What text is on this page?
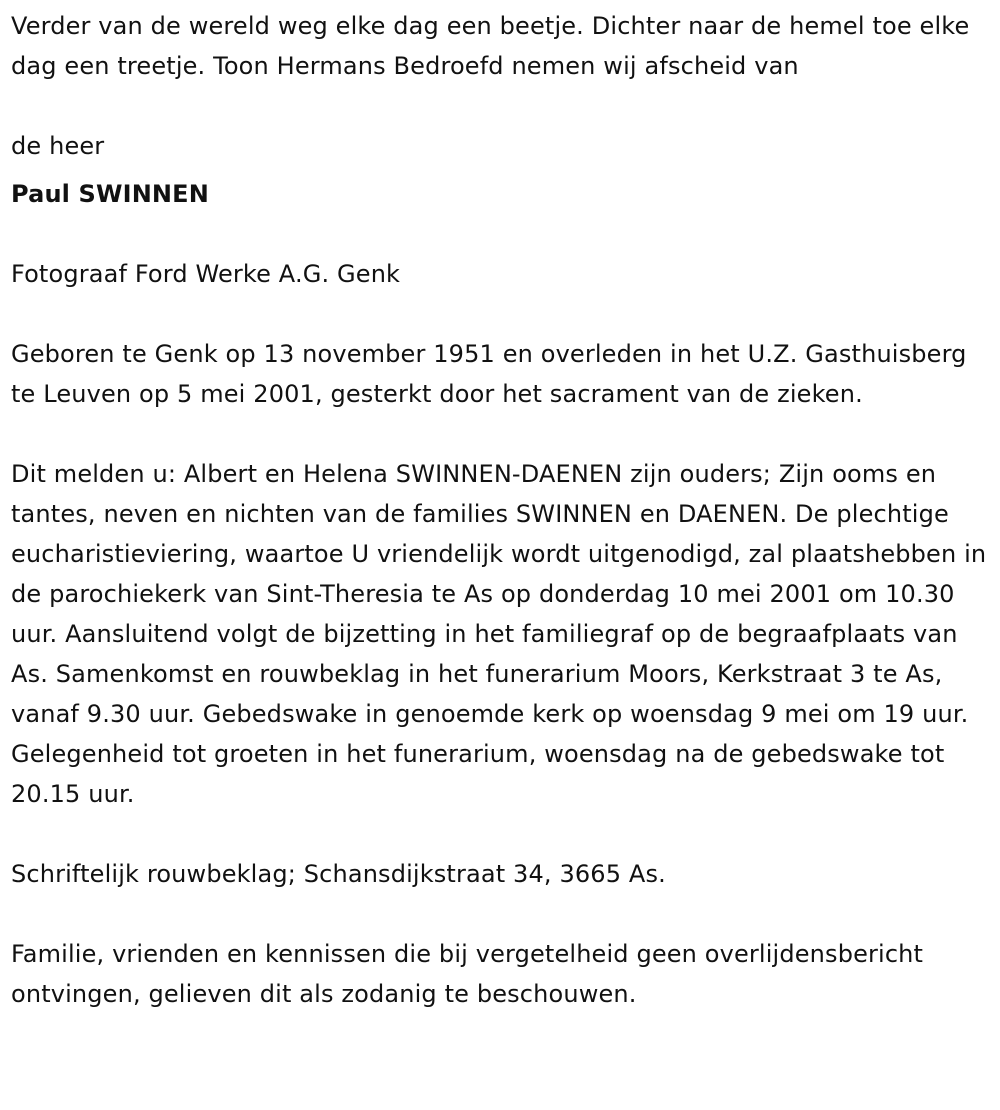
Verder van de wereld weg elke dag een beetje. Dichter naar de hemel toe elke dag een treetje. Toon Hermans Bedroefd nemen wij afscheid van

de heer

Paul SWINNEN

Fotograaf Ford Werke A.G. Genk

Geboren te Genk op 13 november 1951 en overleden in het U.Z. Gasthuisberg te Leuven op 5 mei 2001, gesterkt door het sacrament van de zieken.

Dit melden u: Albert en Helena SWINNEN-DAENEN zijn ouders; Zijn ooms en tantes, neven en nichten van de families SWINNEN en DAENEN. De plechtige eucharistieviering, waartoe U vriendelijk wordt uitgenodigd, zal plaatshebben in de parochiekerk van Sint-Theresia te As op donderdag 10 mei 2001 om 10.30 uur. Aansluitend volgt de bijzetting in het familiegraf op de begraafplaats van As. Samenkomst en rouwbeklag in het funerarium Moors, Kerkstraat 3 te As, vanaf 9.30 uur. Gebedswake in genoemde kerk op woensdag 9 mei om 19 uur. Gelegenheid tot groeten in het funerarium, woensdag na de gebedswake tot 20.15 uur.

Schriftelijk rouwbeklag; Schansdijkstraat 34, 3665 As.

Familie, vrienden en kennissen die bij vergetelheid geen overlijdensbericht ontvingen, gelieven dit als zodanig te beschouwen.
